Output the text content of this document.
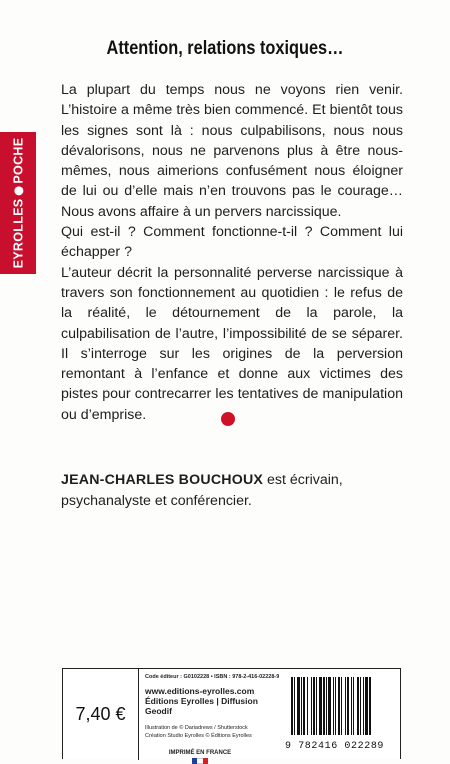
Attention, relations toxiques…
EYROLLES
POCHE

La plupart du temps nous ne voyons rien venir. L’histoire a même très bien commencé. Et bientôt tous les signes sont là : nous culpabilisons, nous nous dévalorisons, nous ne parvenons plus à être nous-mêmes, nous aimerions confusément nous éloigner de lui ou d’elle mais n’en trouvons pas le courage… Nous avons affaire à un pervers narcissique.

Qui est-il ? Comment fonctionne-t-il ? Comment lui échapper ?

L’auteur décrit la personnalité perverse narcissique à travers son fonctionnement au quotidien : le refus de la réalité, le détournement de la parole, la culpabilisation de l’autre, l’impossibilité de se séparer. Il s’interroge sur les origines de la perversion remontant à l’enfance et donne aux victimes des pistes pour contrecarrer les tentatives de manipulation ou d’emprise.

JEAN-CHARLES BOUCHOUX est écrivain, psychanalyste et conférencier.
7,40 €
Code éditeur : G0102228 • ISBN : 978-2-416-02228-9
www.editions-eyrolles.com
Éditions Eyrolles | Diffusion Geodif
Illustration de © Dariadrews / Shutterstock
Création Studio Eyrolles © Éditions Eyrolles
IMPRIMÉ EN FRANCE
9 782416 022289
